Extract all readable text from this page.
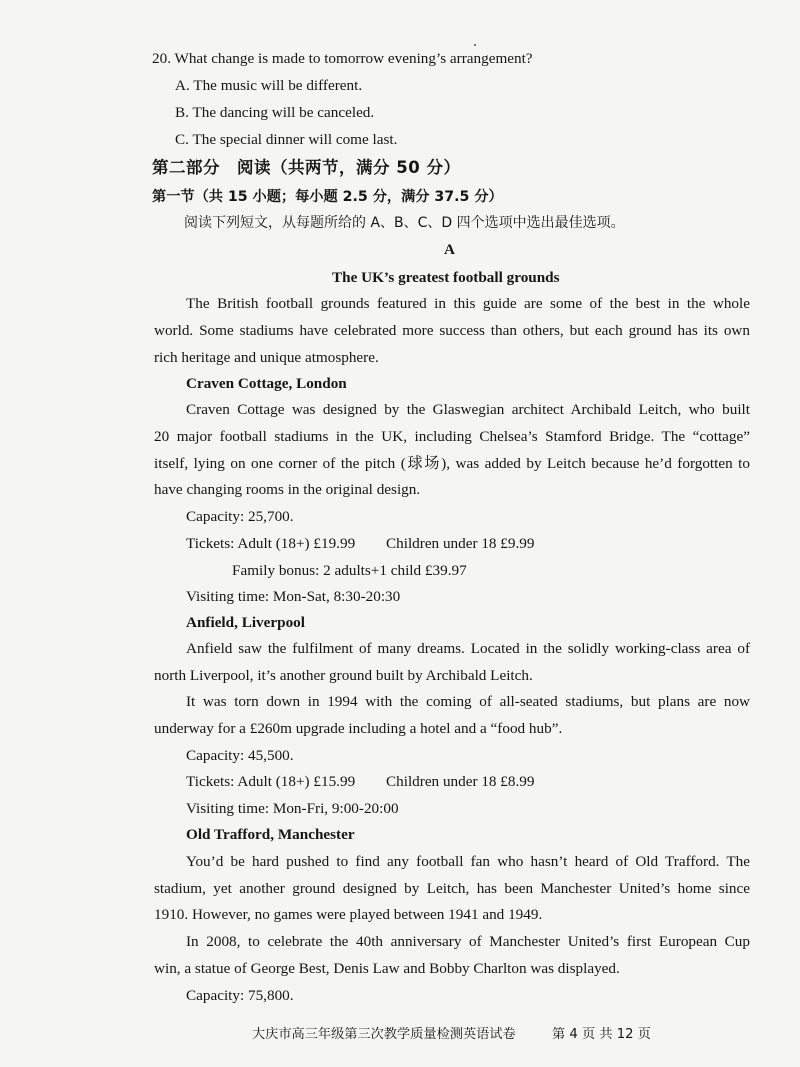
20. What change is made to tomorrow evening’s arrangement?
A. The music will be different.
B. The dancing will be canceled.
C. The special dinner will come last.
第二部分　阅读（共两节，满分 50 分）
第一节（共 15 小题；每小题 2.5 分，满分 37.5 分）
阅读下列短文，从每题所给的 A、B、C、D 四个选项中选出最佳选项。
A
The UK’s greatest football grounds
The British football grounds featured in this guide are some of the best in the whole
world. Some stadiums have celebrated more success than others, but each ground has its own
rich heritage and unique atmosphere.
Craven Cottage, London
Craven Cottage was designed by the Glaswegian architect Archibald Leitch, who built
20 major football stadiums in the UK, including Chelsea’s Stamford Bridge. The “cottage”
itself, lying on one corner of the pitch (球场), was added by Leitch because he’d forgotten to
have changing rooms in the original design.
Capacity: 25,700.
Tickets: Adult (18+) £19.99 Children under 18 £9.99
Family bonus: 2 adults+1 child £39.97
Visiting time: Mon-Sat, 8:30-20:30
Anfield, Liverpool
Anfield saw the fulfilment of many dreams. Located in the solidly working-class area of
north Liverpool, it’s another ground built by Archibald Leitch.
It was torn down in 1994 with the coming of all-seated stadiums, but plans are now
underway for a £260m upgrade including a hotel and a “food hub”.
Capacity: 45,500.
Tickets: Adult (18+) £15.99 Children under 18 £8.99
Visiting time: Mon-Fri, 9:00-20:00
Old Trafford, Manchester
You’d be hard pushed to find any football fan who hasn’t heard of Old Trafford. The
stadium, yet another ground designed by Leitch, has been Manchester United’s home since
1910. However, no games were played between 1941 and 1949.
In 2008, to celebrate the 40th anniversary of Manchester United’s first European Cup
win, a statue of George Best, Denis Law and Bobby Charlton was displayed.
Capacity: 75,800.
大庆市高三年级第三次教学质量检测英语试卷	第 4 页 共 12 页
